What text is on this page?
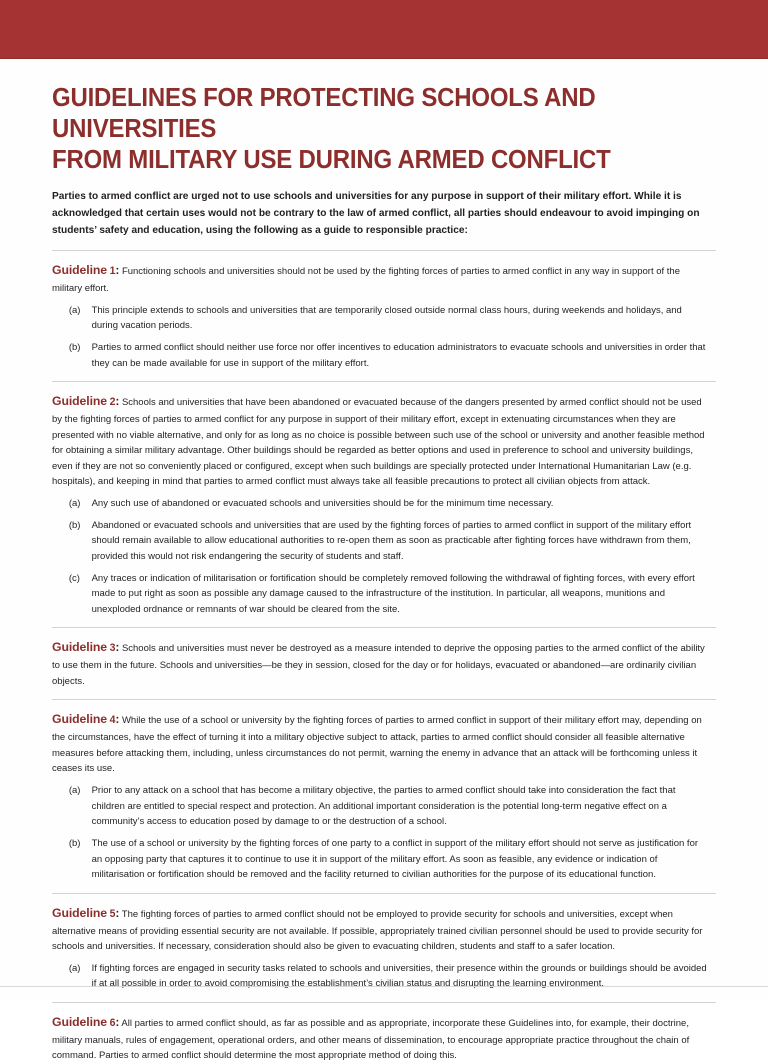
GUIDELINES FOR PROTECTING SCHOOLS AND UNIVERSITIES
FROM MILITARY USE DURING ARMED CONFLICT

Parties to armed conflict are urged not to use schools and universities for any purpose in support of their military effort. While it is acknowledged that certain uses would not be contrary to the law of armed conflict, all parties should endeavour to avoid impinging on students’ safety and education, using the following as a guide to responsible practice:

Guideline 1: Functioning schools and universities should not be used by the fighting forces of parties to armed conflict in any way in support of the military effort.

(a)	This principle extends to schools and universities that are temporarily closed outside normal class hours, during weekends and holidays, and during vacation periods.
(b)	Parties to armed conflict should neither use force nor offer incentives to education administrators to evacuate schools and universities in order that they can be made available for use in support of the military effort.

Guideline 2: Schools and universities that have been abandoned or evacuated because of the dangers presented by armed conflict should not be used by the fighting forces of parties to armed conflict for any purpose in support of their military effort, except in extenuating circumstances when they are presented with no viable alternative, and only for as long as no choice is possible between such use of the school or university and another feasible method for obtaining a similar military advantage. Other buildings should be regarded as better options and used in preference to school and university buildings, even if they are not so conveniently placed or configured, except when such buildings are specially protected under International Humanitarian Law (e.g. hospitals), and keeping in mind that parties to armed conflict must always take all feasible precautions to protect all civilian objects from attack.

(a)	Any such use of abandoned or evacuated schools and universities should be for the minimum time necessary.
(b)	Abandoned or evacuated schools and universities that are used by the fighting forces of parties to armed conflict in support of the military effort should remain available to allow educational authorities to re-open them as soon as practicable after fighting forces have withdrawn from them, provided this would not risk endangering the security of students and staff.
(c)	Any traces or indication of militarisation or fortification should be completely removed following the withdrawal of fighting forces, with every effort made to put right as soon as possible any damage caused to the infrastructure of the institution. In particular, all weapons, munitions and unexploded ordnance or remnants of war should be cleared from the site.

Guideline 3: Schools and universities must never be destroyed as a measure intended to deprive the opposing parties to the armed conflict of the ability to use them in the future. Schools and universities—be they in session, closed for the day or for holidays, evacuated or abandoned—are ordinarily civilian objects.

Guideline 4: While the use of a school or university by the fighting forces of parties to armed conflict in support of their military effort may, depending on the circumstances, have the effect of turning it into a military objective subject to attack, parties to armed conflict should consider all feasible alternative measures before attacking them, including, unless circumstances do not permit, warning the enemy in advance that an attack will be forthcoming unless it ceases its use.

(a)	Prior to any attack on a school that has become a military objective, the parties to armed conflict should take into consideration the fact that children are entitled to special respect and protection. An additional important consideration is the potential long-term negative effect on a community’s access to education posed by damage to or the destruction of a school.
(b)	The use of a school or university by the fighting forces of one party to a conflict in support of the military effort should not serve as justification for an opposing party that captures it to continue to use it in support of the military effort. As soon as feasible, any evidence or indication of militarisation or fortification should be removed and the facility returned to civilian authorities for the purpose of its educational function.

Guideline 5: The fighting forces of parties to armed conflict should not be employed to provide security for schools and universities, except when alternative means of providing essential security are not available. If possible, appropriately trained civilian personnel should be used to provide security for schools and universities. If necessary, consideration should also be given to evacuating children, students and staff to a safer location.

(a)	If fighting forces are engaged in security tasks related to schools and universities, their presence within the grounds or buildings should be avoided if at all possible in order to avoid compromising the establishment’s civilian status and disrupting the learning environment.

Guideline 6: All parties to armed conflict should, as far as possible and as appropriate, incorporate these Guidelines into, for example, their doctrine, military manuals, rules of engagement, operational orders, and other means of dissemination, to encourage appropriate practice throughout the chain of command. Parties to armed conflict should determine the most appropriate method of doing this.
